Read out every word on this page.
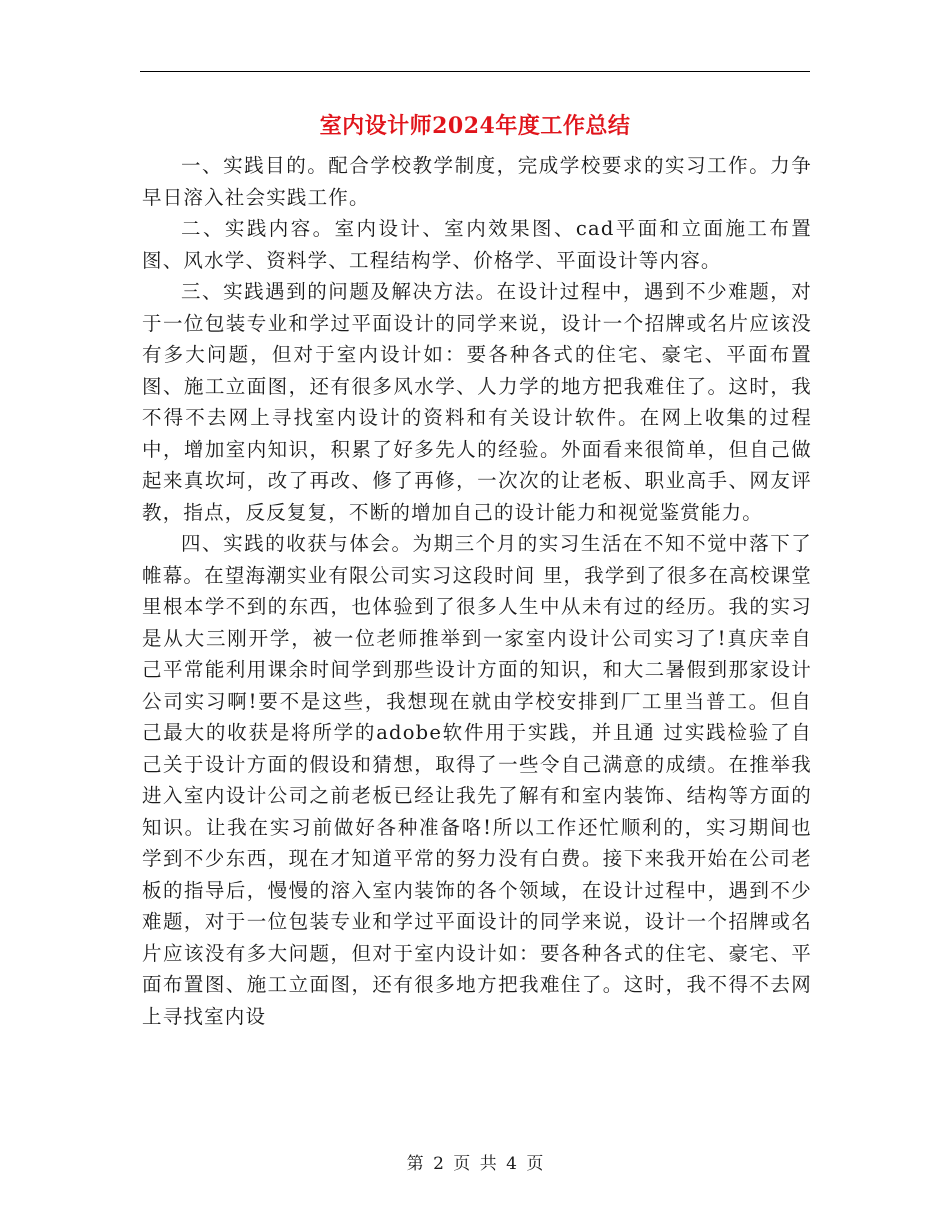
室内设计师2024年度工作总结

一、实践目的。配合学校教学制度，完成学校要求的实习工作。力争早日溶入社会实践工作。

二、实践内容。室内设计、室内效果图、cad平面和立面施工布置图、风水学、资料学、工程结构学、价格学、平面设计等内容。

三、实践遇到的问题及解决方法。在设计过程中，遇到不少难题，对于一位包装专业和学过平面设计的同学来说，设计一个招牌或名片应该没有多大问题，但对于室内设计如：要各种各式的住宅、豪宅、平面布置图、施工立面图，还有很多风水学、人力学的地方把我难住了。这时，我不得不去网上寻找室内设计的资料和有关设计软件。在网上收集的过程中，增加室内知识，积累了好多先人的经验。外面看来很简单，但自己做起来真坎坷，改了再改、修了再修，一次次的让老板、职业高手、网友评教，指点，反反复复，不断的增加自己的设计能力和视觉鉴赏能力。

四、实践的收获与体会。为期三个月的实习生活在不知不觉中落下了帷幕。在望海潮实业有限公司实习这段时间 里，我学到了很多在高校课堂里根本学不到的东西，也体验到了很多人生中从未有过的经历。我的实习是从大三刚开学，被一位老师推举到一家室内设计公司实习了!真庆幸自己平常能利用课余时间学到那些设计方面的知识，和大二暑假到那家设计公司实习啊!要不是这些，我想现在就由学校安排到厂工里当普工。但自己最大的收获是将所学的adobe软件用于实践，并且通 过实践检验了自己关于设计方面的假设和猜想，取得了一些令自己满意的成绩。在推举我进入室内设计公司之前老板已经让我先了解有和室内装饰、结构等方面的知识。让我在实习前做好各种准备咯!所以工作还忙顺利的，实习期间也学到不少东西，现在才知道平常的努力没有白费。接下来我开始在公司老板的指导后，慢慢的溶入室内装饰的各个领域，在设计过程中，遇到不少难题，对于一位包装专业和学过平面设计的同学来说，设计一个招牌或名片应该没有多大问题，但对于室内设计如：要各种各式的住宅、豪宅、平面布置图、施工立面图，还有很多地方把我难住了。这时，我不得不去网上寻找室内设

第 2 页 共 4 页
